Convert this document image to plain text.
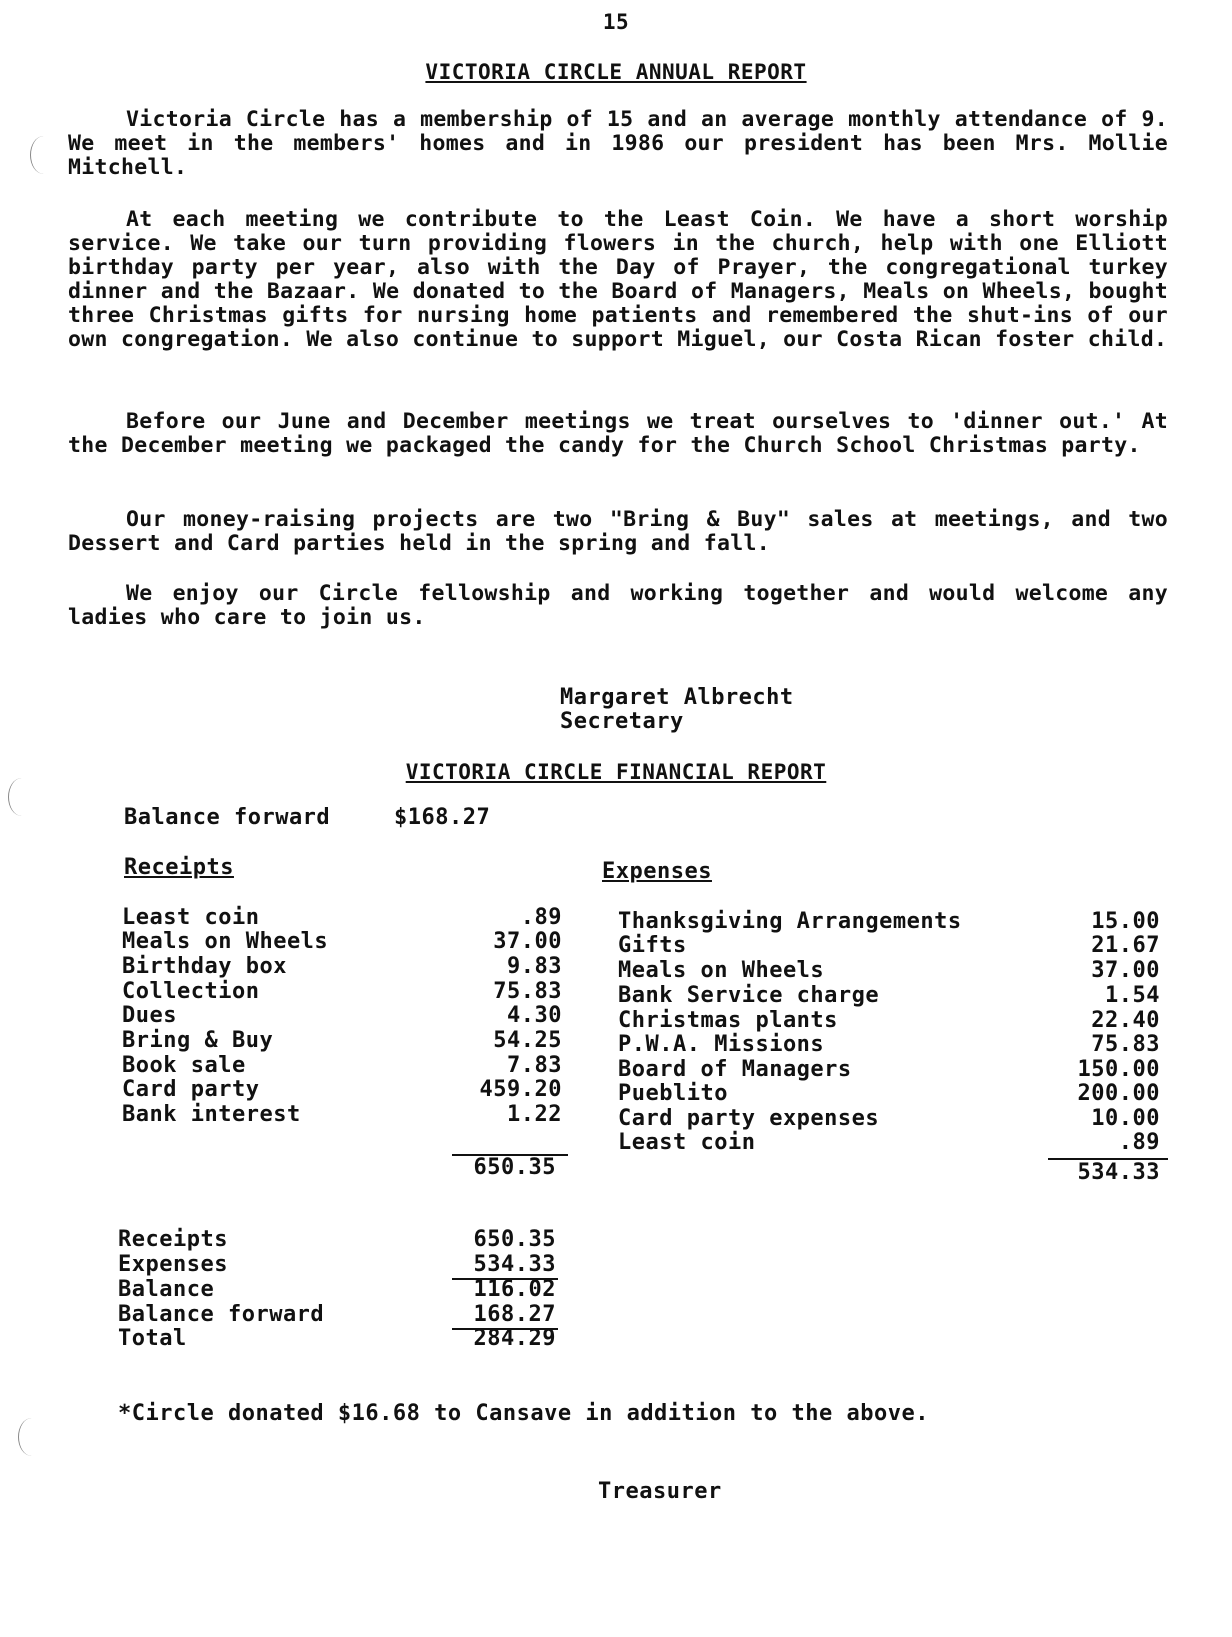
15
VICTORIA CIRCLE ANNUAL REPORT
Victoria Circle has a membership of 15 and an average monthly attendance of 9. We meet in the members' homes and in 1986 our president has been Mrs. Mollie Mitchell.
At each meeting we contribute to the Least Coin. We have a short worship service. We take our turn providing flowers in the church, help with one Elliott birthday party per year, also with the Day of Prayer, the congregational turkey dinner and the Bazaar. We donated to the Board of Managers, Meals on Wheels, bought three Christmas gifts for nursing home patients and remembered the shut-ins of our own congregation. We also continue to support Miguel, our Costa Rican foster child.
Before our June and December meetings we treat ourselves to 'dinner out.' At the December meeting we packaged the candy for the Church School Christmas party.
Our money-raising projects are two "Bring & Buy" sales at meetings, and two Dessert and Card parties held in the spring and fall.
We enjoy our Circle fellowship and working together and would welcome any ladies who care to join us.
Margaret Albrecht
Secretary
VICTORIA CIRCLE FINANCIAL REPORT
Balance forward	$168.27
Receipts	Expenses
Least coin	.89
Meals on Wheels	37.00
Birthday box	9.83
Collection	75.83
Dues	4.30
Bring & Buy	54.25
Book sale	7.83
Card party	459.20
Bank interest	1.22
650.35
Thanksgiving Arrangements	15.00
Gifts	21.67
Meals on Wheels	37.00
Bank Service charge	1.54
Christmas plants	22.40
P.W.A. Missions	75.83
Board of Managers	150.00
Pueblito	200.00
Card party expenses	10.00
Least coin	.89
534.33
Receipts	650.35
Expenses	534.33
Balance	116.02
Balance forward	168.27
Total	284.29
*Circle donated $16.68 to Cansave in addition to the above.
Treasurer
